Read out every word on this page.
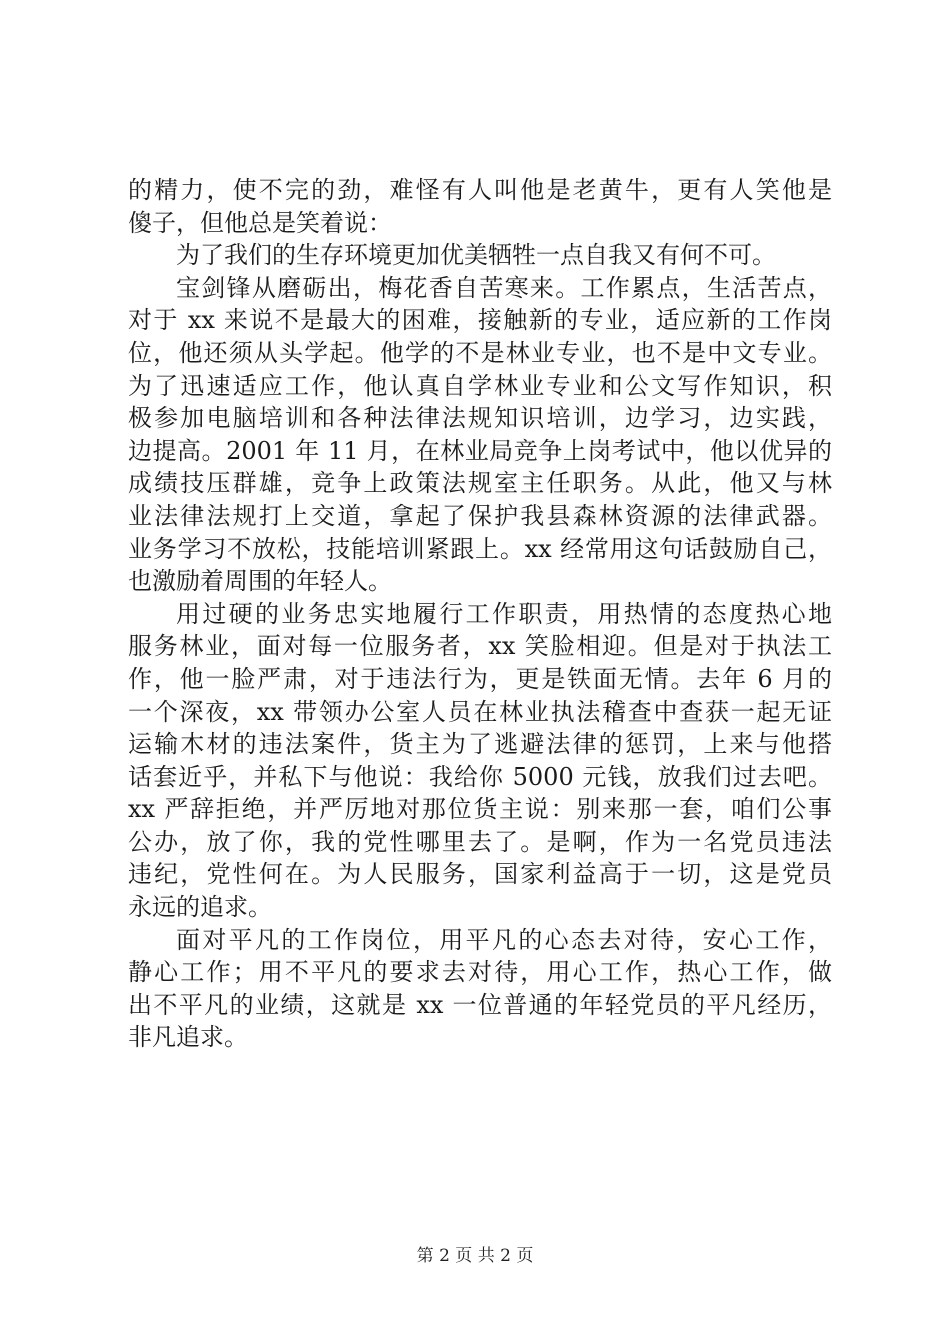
的精力，使不完的劲，难怪有人叫他是老黄牛，更有人笑他是
傻子，但他总是笑着说：
为了我们的生存环境更加优美牺牲一点自我又有何不可。
宝剑锋从磨砺出，梅花香自苦寒来。工作累点，生活苦点，
对于 xx 来说不是最大的困难，接触新的专业，适应新的工作岗
位，他还须从头学起。他学的不是林业专业，也不是中文专业。
为了迅速适应工作，他认真自学林业专业和公文写作知识，积
极参加电脑培训和各种法律法规知识培训，边学习，边实践，
边提高。2001 年 11 月，在林业局竞争上岗考试中，他以优异的
成绩技压群雄，竞争上政策法规室主任职务。从此，他又与林
业法律法规打上交道，拿起了保护我县森林资源的法律武器。
业务学习不放松，技能培训紧跟上。xx 经常用这句话鼓励自己，
也激励着周围的年轻人。
用过硬的业务忠实地履行工作职责，用热情的态度热心地
服务林业，面对每一位服务者，xx 笑脸相迎。但是对于执法工
作，他一脸严肃，对于违法行为，更是铁面无情。去年 6 月的
一个深夜，xx 带领办公室人员在林业执法稽查中查获一起无证
运输木材的违法案件，货主为了逃避法律的惩罚，上来与他搭
话套近乎，并私下与他说：我给你 5000 元钱，放我们过去吧。
xx 严辞拒绝，并严厉地对那位货主说：别来那一套，咱们公事
公办，放了你，我的党性哪里去了。是啊，作为一名党员违法
违纪，党性何在。为人民服务，国家利益高于一切，这是党员
永远的追求。
面对平凡的工作岗位，用平凡的心态去对待，安心工作，
静心工作；用不平凡的要求去对待，用心工作，热心工作，做
出不平凡的业绩，这就是 xx 一位普通的年轻党员的平凡经历，
非凡追求。
第 2 页 共 2 页
